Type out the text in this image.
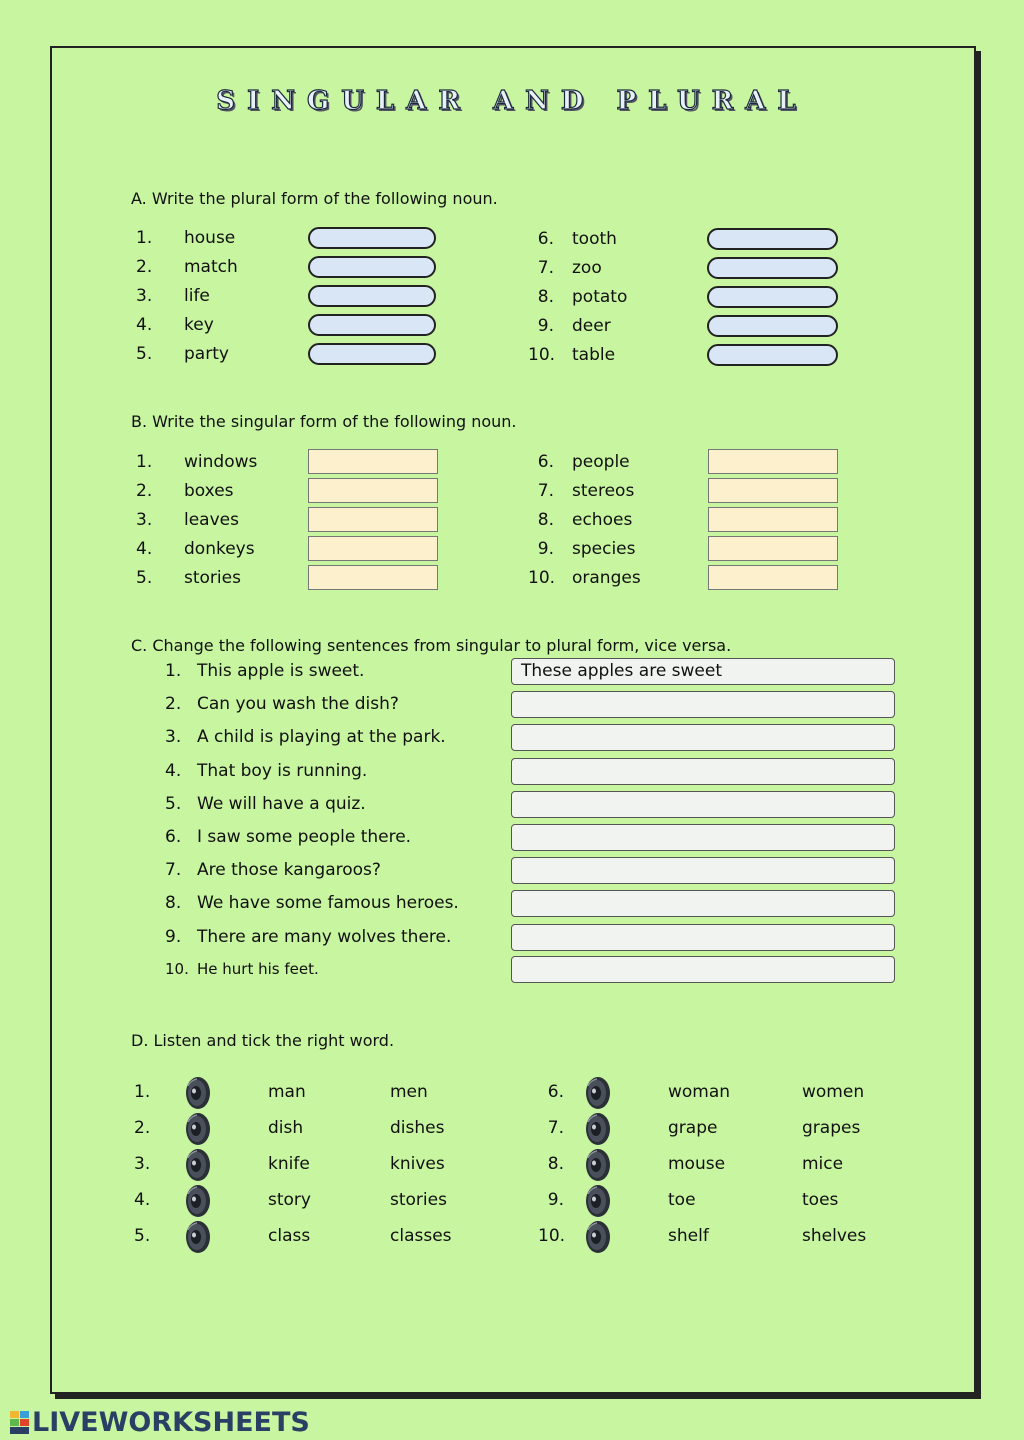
SINGULAR AND PLURAL
A. Write the plural form of the following noun.
1. house
2. match
3. life
4. key
5. party
6. tooth
7. zoo
8. potato
9. deer
10. table
B. Write the singular form of the following noun.
1. windows
2. boxes
3. leaves
4. donkeys
5. stories
6. people
7. stereos
8. echoes
9. species
10. oranges
C. Change the following sentences from singular to plural form, vice versa.
1. This apple is sweet.	These apples are sweet
2. Can you wash the dish?
3. A child is playing at the park.
4. That boy is running.
5. We will have a quiz.
6. I saw some people there.
7. Are those kangaroos?
8. We have some famous heroes.
9. There are many wolves there.
10. He hurt his feet.
D. Listen and tick the right word.
1.	man	men
2.	dish	dishes
3.	knife	knives
4.	story	stories
5.	class	classes
6.	woman	women
7.	grape	grapes
8.	mouse	mice
9.	toe	toes
10.	shelf	shelves
LIVEWORKSHEETS
